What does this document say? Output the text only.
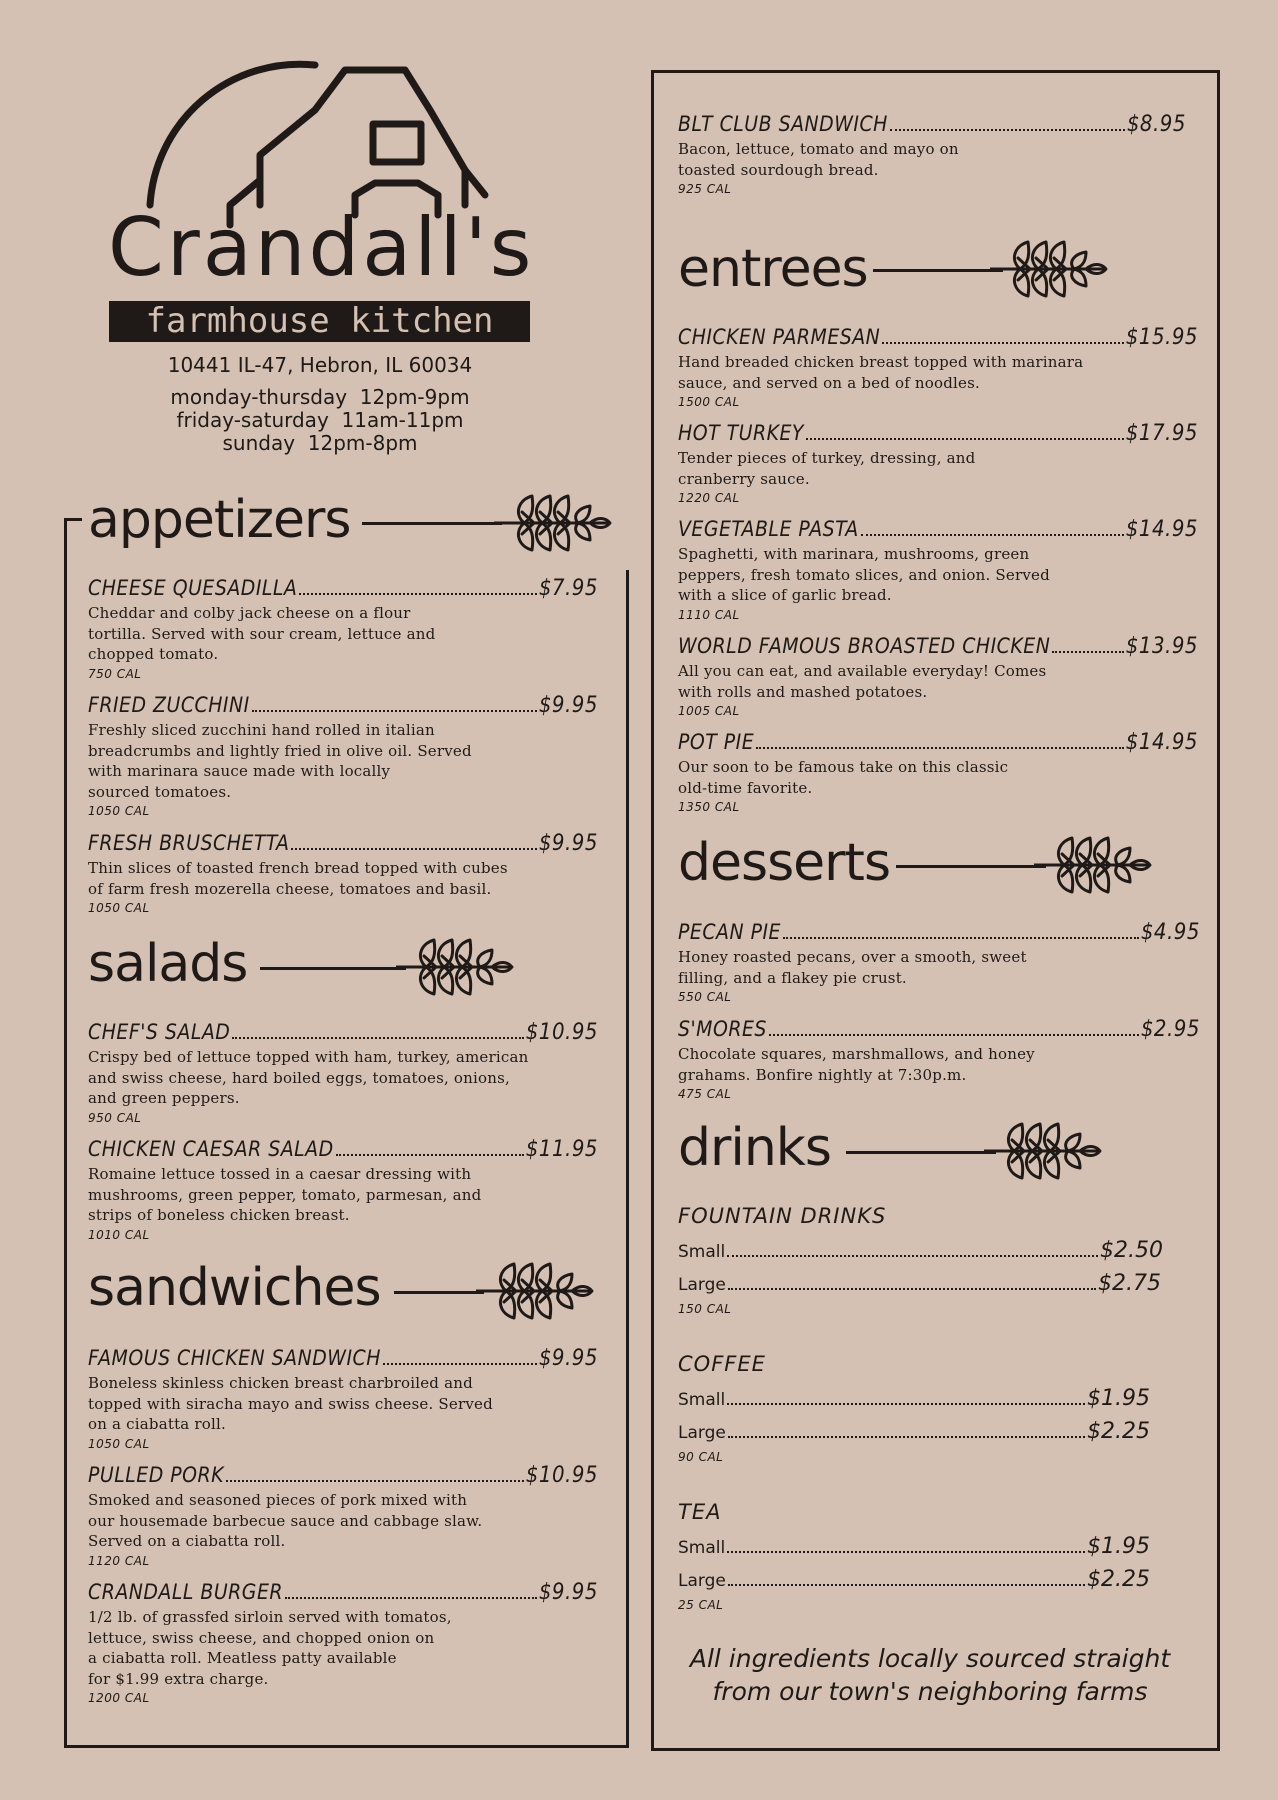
Crandall's
farmhouse kitchen
10441 IL-47, Hebron, IL 60034
monday-thursday  12pm-9pm
friday-saturday  11am-11pm
sunday  12pm-8pm
appetizers
CHEESE QUESADILLA	$7.95
Cheddar and colby jack cheese on a flour
tortilla. Served with sour cream, lettuce and
chopped tomato.
750 CAL
FRIED ZUCCHINI	$9.95
Freshly sliced zucchini hand rolled in italian
breadcrumbs and lightly fried in olive oil. Served
with marinara sauce made with locally
sourced tomatoes.
1050 CAL
FRESH BRUSCHETTA	$9.95
Thin slices of toasted french bread topped with cubes
of farm fresh mozerella cheese, tomatoes and basil.
1050 CAL
salads
CHEF'S SALAD	$10.95
Crispy bed of lettuce topped with ham, turkey, american
and swiss cheese, hard boiled eggs, tomatoes, onions,
and green peppers.
950 CAL
CHICKEN CAESAR SALAD	$11.95
Romaine lettuce tossed in a caesar dressing with
mushrooms, green pepper, tomato, parmesan, and
strips of boneless chicken breast.
1010 CAL
sandwiches
FAMOUS CHICKEN SANDWICH	$9.95
Boneless skinless chicken breast charbroiled and
topped with siracha mayo and swiss cheese. Served
on a ciabatta roll.
1050 CAL
PULLED PORK	$10.95
Smoked and seasoned pieces of pork mixed with
our housemade barbecue sauce and cabbage slaw.
Served on a ciabatta roll.
1120 CAL
CRANDALL BURGER	$9.95
1/2 lb. of grassfed sirloin served with tomatos,
lettuce, swiss cheese, and chopped onion on
a ciabatta roll. Meatless patty available
for $1.99 extra charge.
1200 CAL
BLT CLUB SANDWICH	$8.95
Bacon, lettuce, tomato and mayo on
toasted sourdough bread.
925 CAL
entrees
CHICKEN PARMESAN	$15.95
Hand breaded chicken breast topped with marinara
sauce, and served on a bed of noodles.
1500 CAL
HOT TURKEY	$17.95
Tender pieces of turkey, dressing, and
cranberry sauce.
1220 CAL
VEGETABLE PASTA	$14.95
Spaghetti, with marinara, mushrooms, green
peppers, fresh tomato slices, and onion. Served
with a slice of garlic bread.
1110 CAL
WORLD FAMOUS BROASTED CHICKEN	$13.95
All you can eat, and available everyday! Comes
with rolls and mashed potatoes.
1005 CAL
POT PIE	$14.95
Our soon to be famous take on this classic
old-time favorite.
1350 CAL
desserts
PECAN PIE	$4.95
Honey roasted pecans, over a smooth, sweet
filling, and a flakey pie crust.
550 CAL
S'MORES	$2.95
Chocolate squares, marshmallows, and honey
grahams. Bonfire nightly at 7:30p.m.
475 CAL
drinks
FOUNTAIN DRINKS
Small	$2.50
Large	$2.75
150 CAL
COFFEE
Small	$1.95
Large	$2.25
90 CAL
TEA
Small	$1.95
Large	$2.25
25 CAL
All ingredients locally sourced straight
from our town's neighboring farms
